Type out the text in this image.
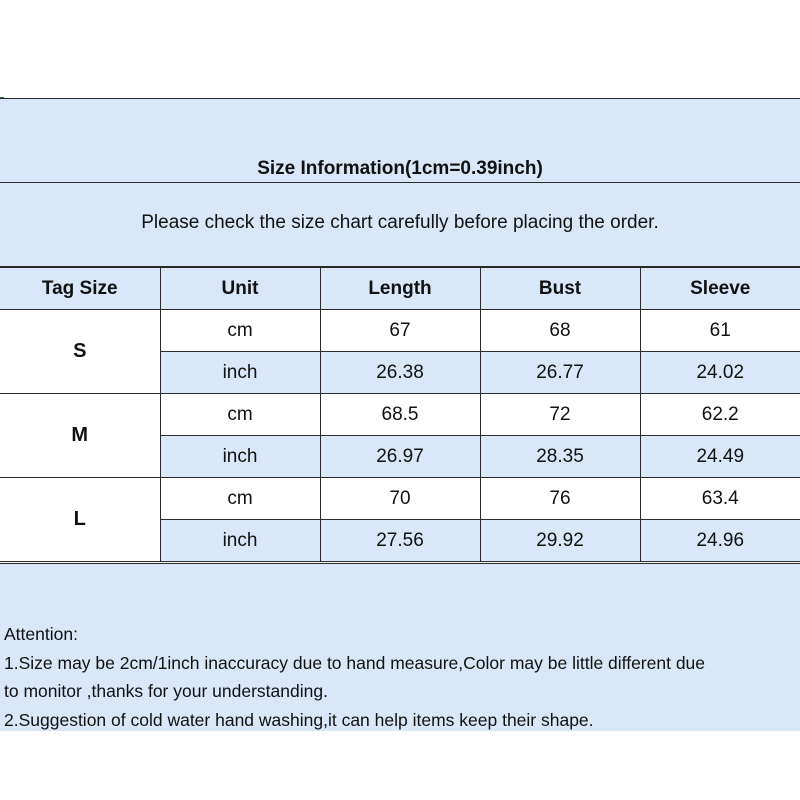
Size Information(1cm=0.39inch)
Please check the size chart carefully before placing the order.
Tag Size	Unit	Length	Bust	Sleeve
S	cm	67	68	61
	inch	26.38	26.77	24.02
M	cm	68.5	72	62.2
	inch	26.97	28.35	24.49
L	cm	70	76	63.4
	inch	27.56	29.92	24.96
Attention:
1.Size may be 2cm/1inch inaccuracy due to hand measure,Color may be little different due
to monitor ,thanks for your understanding.
2.Suggestion of cold water hand washing,it can help items keep their shape.
